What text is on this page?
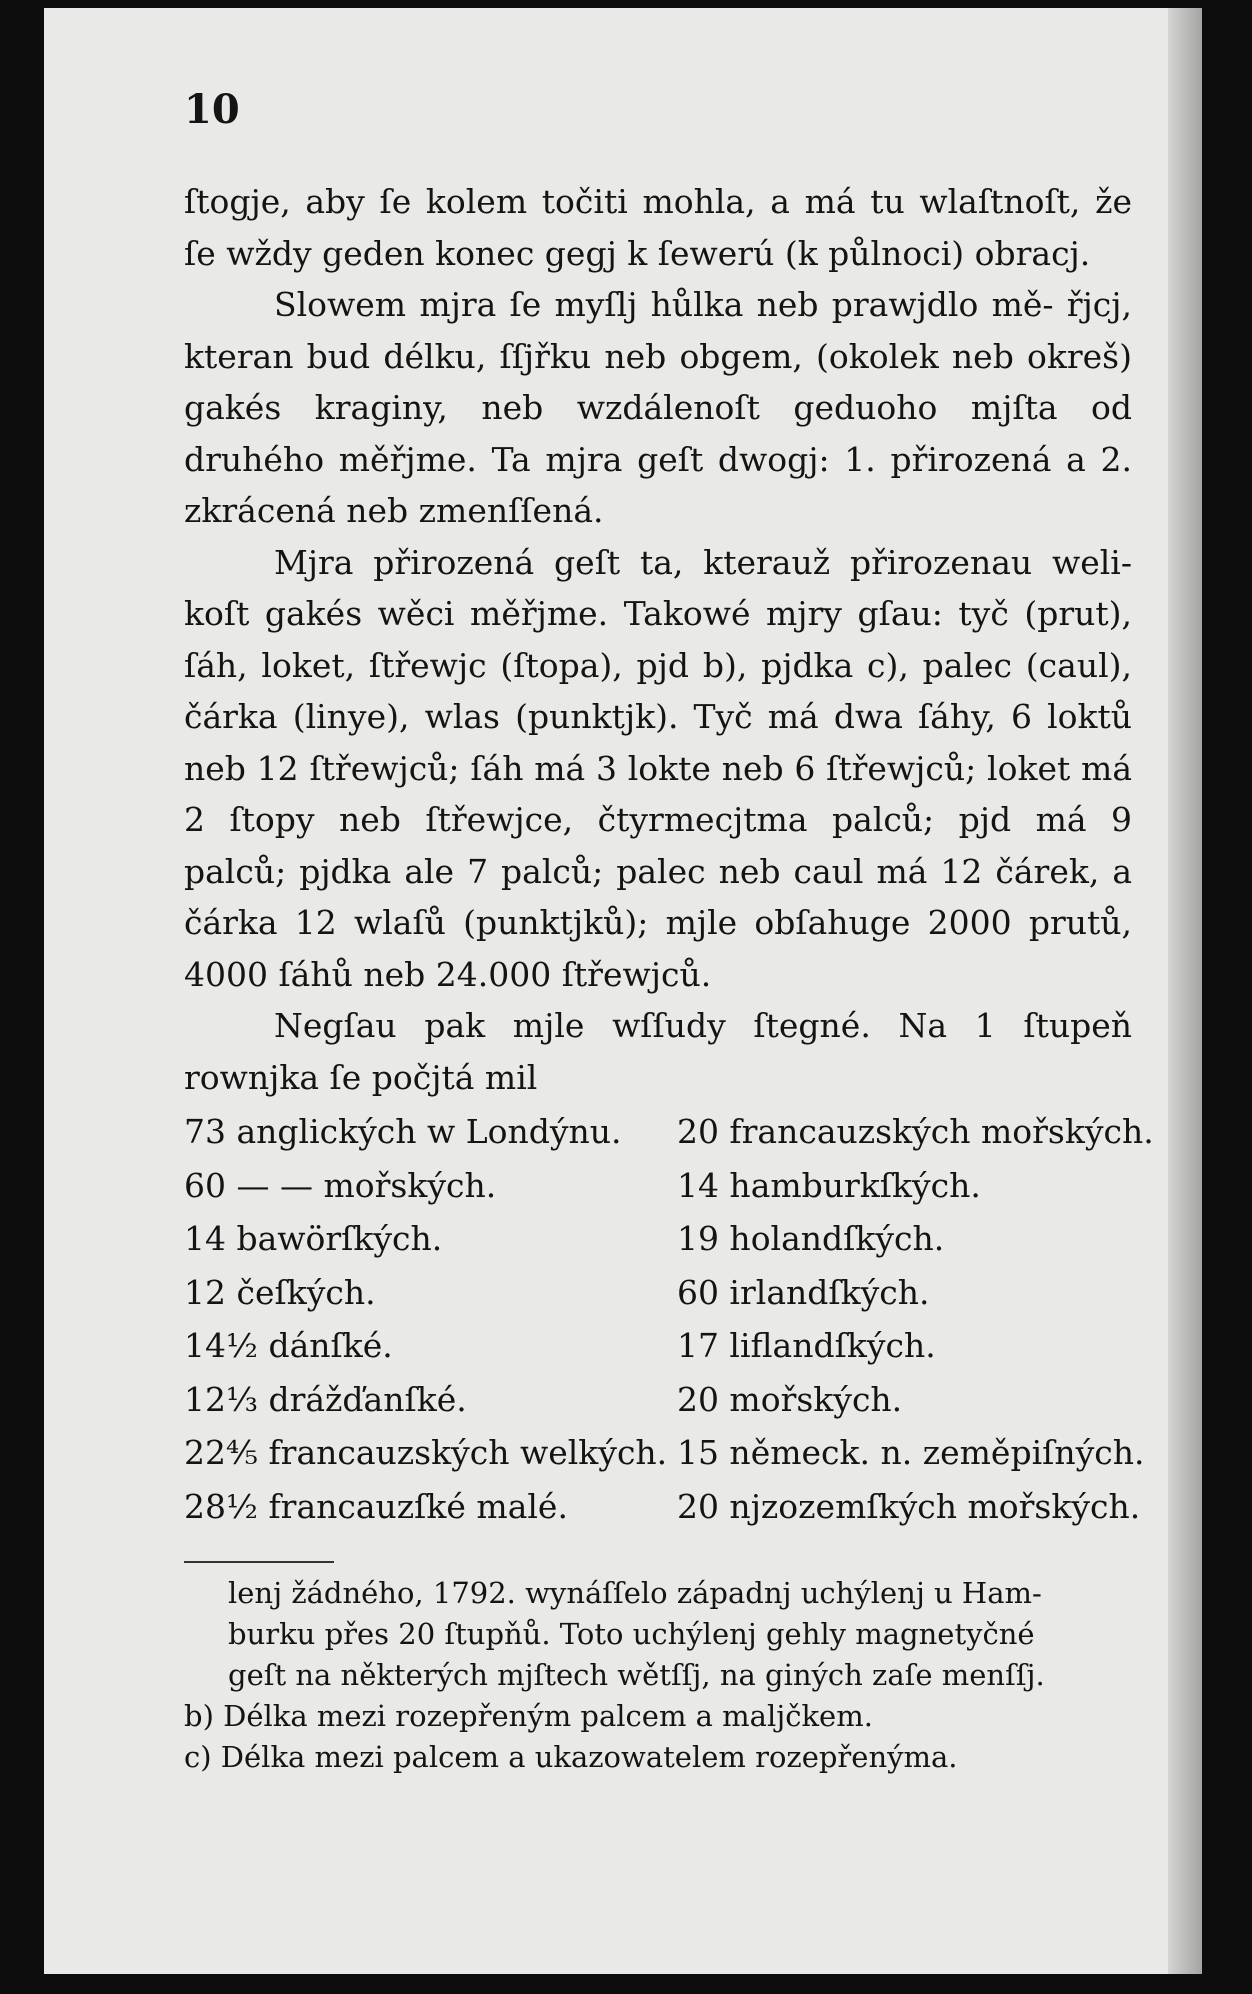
10

ſtogje, aby ſe kolem točiti mohla, a má tu wlaſtnoſt, že ſe wždy geden konec gegj k ſewerú (k půlnoci) obracj.

Slowem mjra ſe myſlj hůlka neb prawjdlo mě- řjcj, kteran bud délku, ſſjřku neb obgem, (okolek neb okreš) gakés kraginy, neb wzdálenoſt geduoho mjſta od druhého měřjme. Ta mjra geſt dwogj: 1. přirozená a 2. zkrácená neb zmenſſená.

Mjra přirozená geſt ta, kterauž přirozenau weli- koſt gakés wěci měřjme. Takowé mjry gſau: tyč (prut), ſáh, loket, ſtřewjc (ſtopa), pjd b), pjdka c), palec (caul), čárka (linye), wlas (punktjk). Tyč má dwa ſáhy, 6 loktů neb 12 ſtřewjců; ſáh má 3 lokte neb 6 ſtřewjců; loket má 2 ſtopy neb ſtřewjce, čtyrmecjtma palců; pjd má 9 palců; pjdka ale 7 palců; palec neb caul má 12 čárek, a čárka 12 wlaſů (punktjků); mjle obſahuge 2000 prutů, 4000 ſáhů neb 24.000 ſtřewjců.

Negſau pak mjle wſſudy ſtegné. Na 1 ſtupeň rownjka ſe počjtá mil

73 anglických w Londýnu.	20 francauzských mořských.
60 — — mořských.	14 hamburkſkých.
14 bawörſkých.	19 holandſkých.
12 čeſkých.	60 irlandſkých.
14½ dánſké.	17 liflandſkých.
12⅓ drážďanſké.	20 mořských.
22⅘ francauzských welkých. 15 německ. n. zeměpiſných.
28½ francauzſké malé.	20 njzozemſkých mořských.

lenj žádného, 1792. wynáſſelo západnj uchýlenj u Ham-

burku přes 20 ſtupňů. Toto uchýlenj gehly magnetyčné

geſt na některých mjſtech wětſſj, na giných zaſe menſſj.

b) Délka mezi rozepřeným palcem a maljčkem.

c) Délka mezi palcem a ukazowatelem rozepřenýma.
